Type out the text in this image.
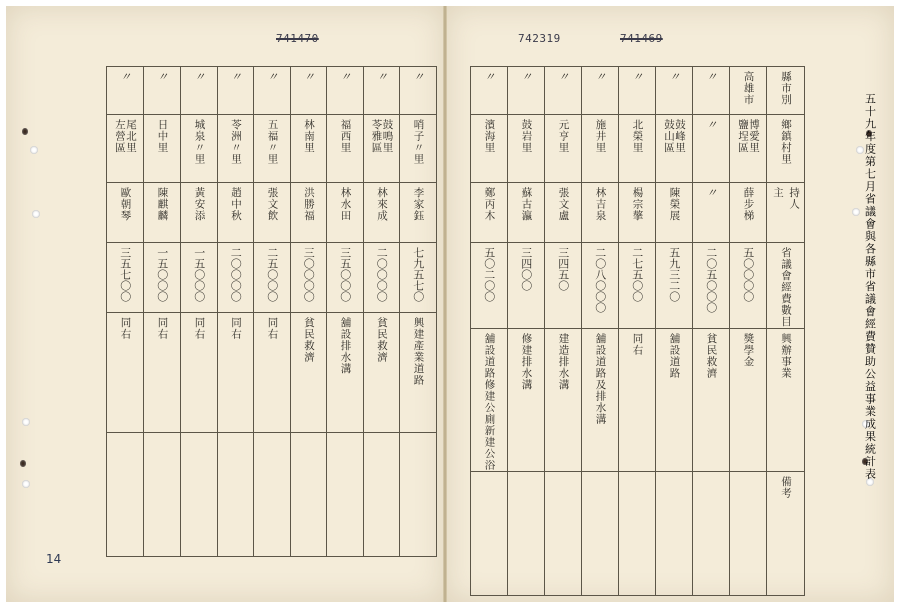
741470	742319	741469
五十九年度第七月省議會與各縣市省議會經費贊助公益事業成果統計表
〃	〃	〃	〃	〃	〃	〃	高雄市	縣市別

濱海里	鼓岩里	元亨里	施井里	北榮里	鼓山區 鼓峰里	〃	鹽埕區 博愛里	鄉鎮村里

鄭丙木	蘇古瀛	張文盧	林吉泉	楊宗摮	陳榮展	〃	薛步梯	主
持人

五〇二〇〇	三四〇〇	三四五〇	二〇八〇〇〇	二七五〇〇	五九三二〇	二〇五〇〇〇	五〇〇〇〇	省議會經費數目

舖設道路修建公廁新建公浴	修建排水溝	建造排水溝	舖設道路及排水溝	同右	舖設道路	貧民救濟	獎學金	興辦事業

								備考
〃	〃	〃	〃	〃	〃	〃	〃	〃

左營區 尾北里	日中里	城泉〃里	苓洲〃里	五福〃里	林南里	福西里	苓雅區 鼓鳴里	哨子〃里

歐朝琴	陳麒麟	黃安添	趙中秋	張文飲	洪勝福	林水田	林來成	李家鈺

三五七〇〇	一五〇〇〇	一五〇〇〇	二〇〇〇〇	二五〇〇〇	三〇〇〇〇	三五〇〇〇	二〇〇〇〇	七九五七〇

同右	同右	同右	同右	同右	貧民救濟	舖設排水溝	貧民救濟	興建產業道路

14
